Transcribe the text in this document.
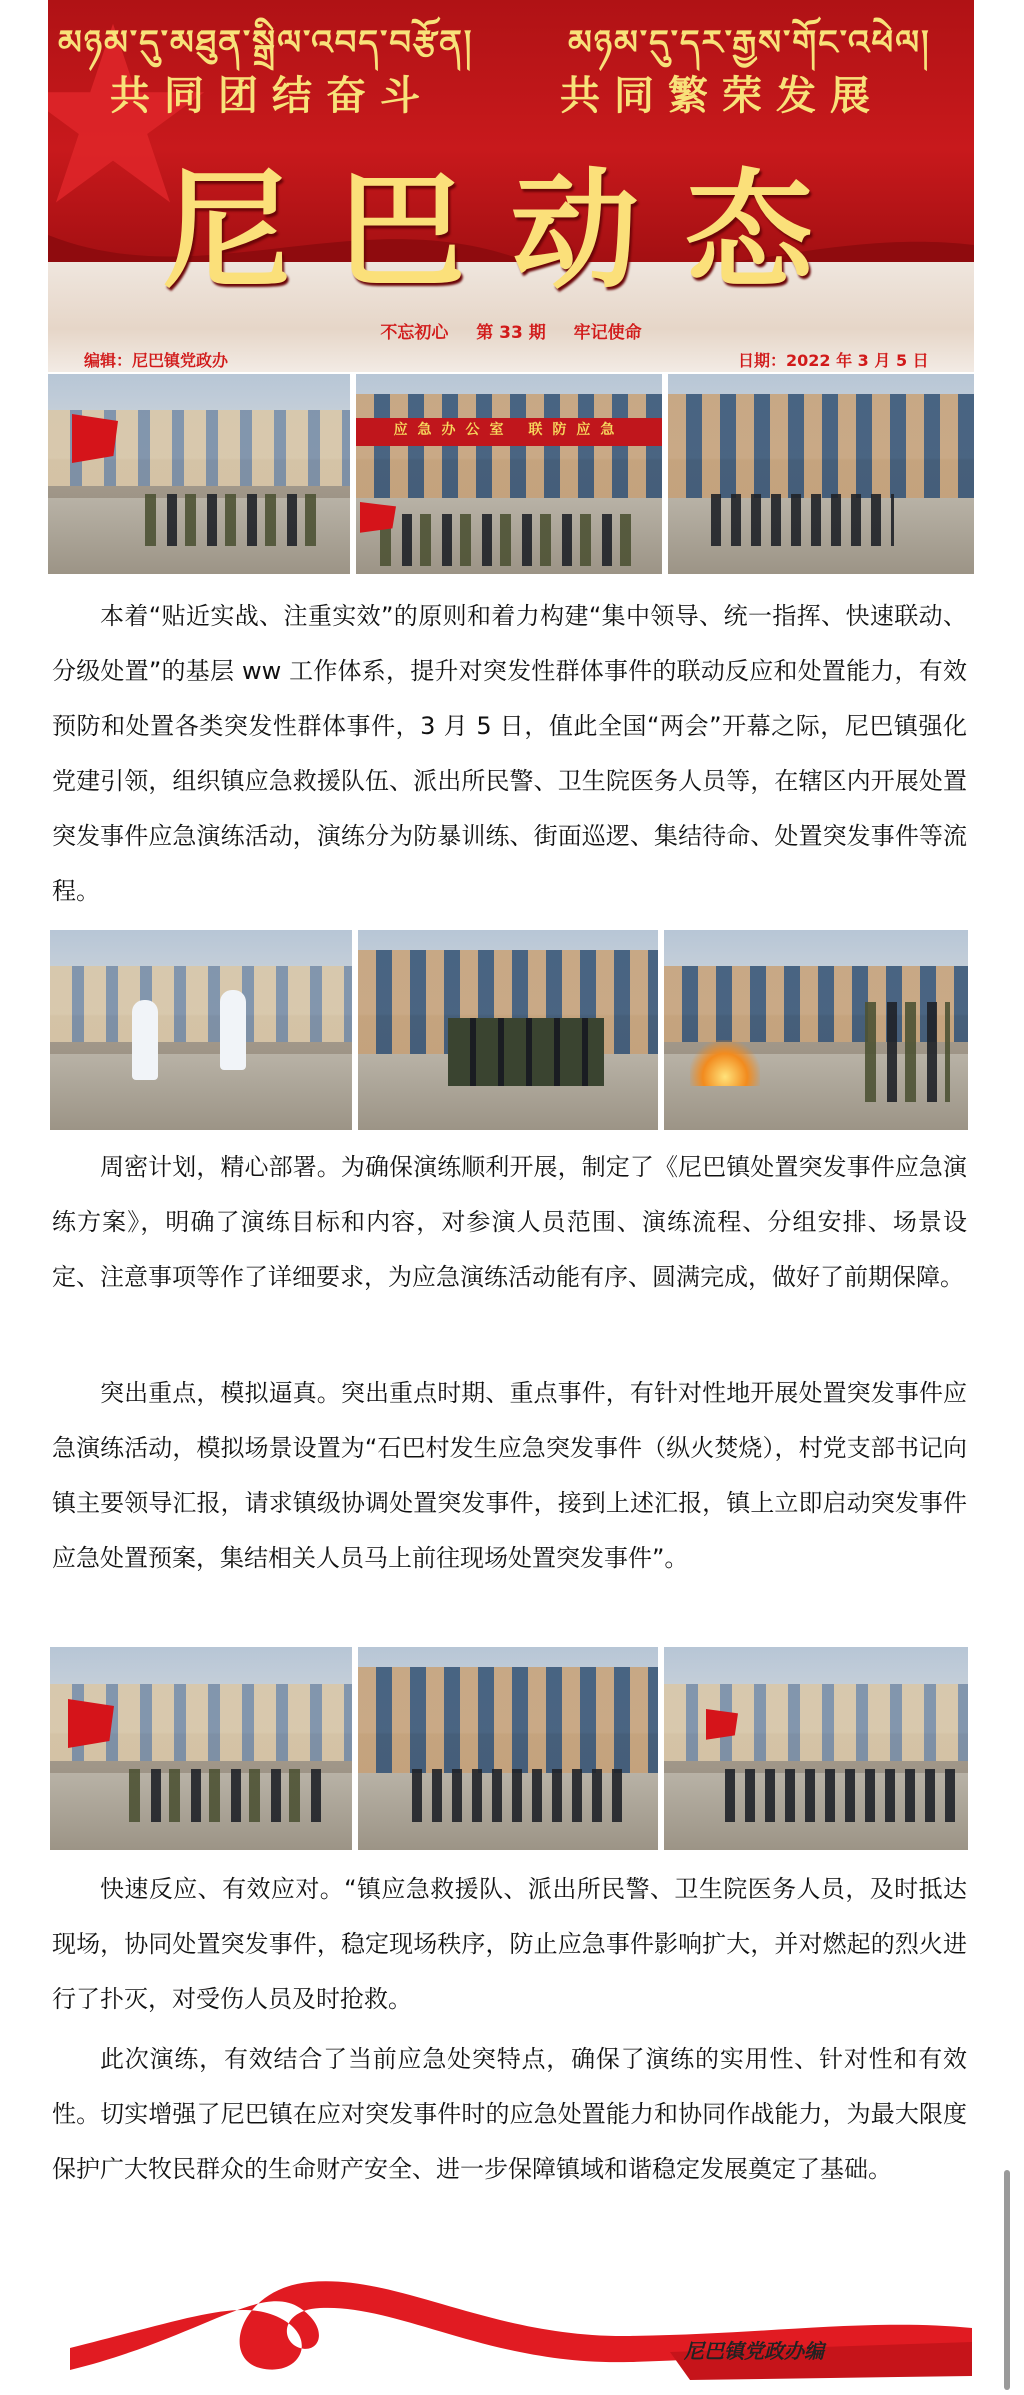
མཉམ་དུ་མཐུན་སྒྲིལ་འབད་བརྩོན།	མཉམ་དུ་དར་རྒྱས་གོང་འཕེལ།
共同团结奋斗	共同繁荣发展
尼巴动态
不忘初心 第 33 期 牢记使命
编辑：尼巴镇党政办	日期：2022 年 3 月 5 日
应急办公室 联防应急

本着“贴近实战、注重实效”的原则和着力构建“集中领导、统一指挥、快速联动、分级处置”的基层 ww 工作体系，提升对突发性群体事件的联动反应和处置能力，有效预防和处置各类突发性群体事件，3 月 5 日，值此全国“两会”开幕之际，尼巴镇强化党建引领，组织镇应急救援队伍、派出所民警、卫生院医务人员等，在辖区内开展处置突发事件应急演练活动，演练分为防暴训练、街面巡逻、集结待命、处置突发事件等流程。

周密计划，精心部署。为确保演练顺利开展，制定了《尼巴镇处置突发事件应急演练方案》，明确了演练目标和内容，对参演人员范围、演练流程、分组安排、场景设定、注意事项等作了详细要求，为应急演练活动能有序、圆满完成，做好了前期保障。

突出重点，模拟逼真。突出重点时期、重点事件，有针对性地开展处置突发事件应急演练活动，模拟场景设置为“石巴村发生应急突发事件（纵火焚烧），村党支部书记向镇主要领导汇报，请求镇级协调处置突发事件，接到上述汇报，镇上立即启动突发事件应急处置预案，集结相关人员马上前往现场处置突发事件”。

快速反应、有效应对。“镇应急救援队、派出所民警、卫生院医务人员，及时抵达现场，协同处置突发事件，稳定现场秩序，防止应急事件影响扩大，并对燃起的烈火进行了扑灭，对受伤人员及时抢救。

此次演练，有效结合了当前应急处突特点，确保了演练的实用性、针对性和有效性。切实增强了尼巴镇在应对突发事件时的应急处置能力和协同作战能力，为最大限度保护广大牧民群众的生命财产安全、进一步保障镇域和谐稳定发展奠定了基础。

尼巴镇党政办编
